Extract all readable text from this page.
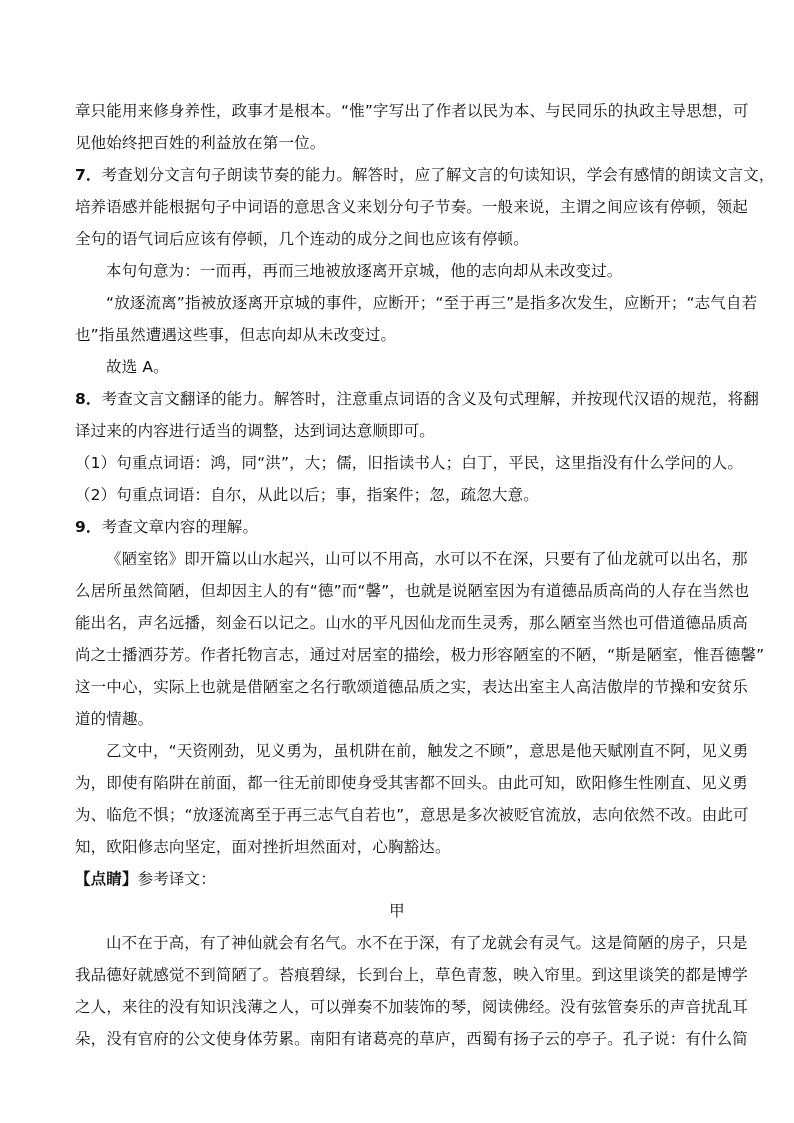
章只能用来修身养性，政事才是根本。“惟”字写出了作者以民为本、与民同乐的执政主导思想，可
见他始终把百姓的利益放在第一位。
7．考查划分文言句子朗读节奏的能力。解答时，应了解文言的句读知识，学会有感情的朗读文言文，
培养语感并能根据句子中词语的意思含义来划分句子节奏。一般来说，主谓之间应该有停顿，领起
全句的语气词后应该有停顿，几个连动的成分之间也应该有停顿。
本句句意为：一而再，再而三地被放逐离开京城，他的志向却从未改变过。
“放逐流离”指被放逐离开京城的事件，应断开；“至于再三”是指多次发生，应断开；“志气自若
也”指虽然遭遇这些事，但志向却从未改变过。
故选 A。
8．考查文言文翻译的能力。解答时，注意重点词语的含义及句式理解，并按现代汉语的规范，将翻
译过来的内容进行适当的调整，达到词达意顺即可。
（1）句重点词语：鸿，同“洪”，大；儒，旧指读书人；白丁，平民，这里指没有什么学问的人。
（2）句重点词语：自尔，从此以后；事，指案件；忽，疏忽大意。
9．考查文章内容的理解。
《陋室铭》即开篇以山水起兴，山可以不用高，水可以不在深，只要有了仙龙就可以出名，那
么居所虽然简陋，但却因主人的有“德”而“馨”，也就是说陋室因为有道德品质高尚的人存在当然也
能出名，声名远播，刻金石以记之。山水的平凡因仙龙而生灵秀，那么陋室当然也可借道德品质高
尚之士播洒芬芳。作者托物言志，通过对居室的描绘，极力形容陋室的不陋，“斯是陋室，惟吾德馨”
这一中心，实际上也就是借陋室之名行歌颂道德品质之实，表达出室主人高洁傲岸的节操和安贫乐
道的情趣。
乙文中，“天资刚劲，见义勇为，虽机阱在前，触发之不顾”，意思是他天赋刚直不阿，见义勇
为，即使有陷阱在前面，都一往无前即使身受其害都不回头。由此可知，欧阳修生性刚直、见义勇
为、临危不惧；“放逐流离至于再三志气自若也”，意思是多次被贬官流放，志向依然不改。由此可
知，欧阳修志向坚定，面对挫折坦然面对，心胸豁达。
【点睛】参考译文：
甲
山不在于高，有了神仙就会有名气。水不在于深，有了龙就会有灵气。这是简陋的房子，只是
我品德好就感觉不到简陋了。苔痕碧绿，长到台上，草色青葱，映入帘里。到这里谈笑的都是博学
之人，来往的没有知识浅薄之人，可以弹奏不加装饰的琴，阅读佛经。没有弦管奏乐的声音扰乱耳
朵，没有官府的公文使身体劳累。南阳有诸葛亮的草庐，西蜀有扬子云的亭子。孔子说：有什么简
